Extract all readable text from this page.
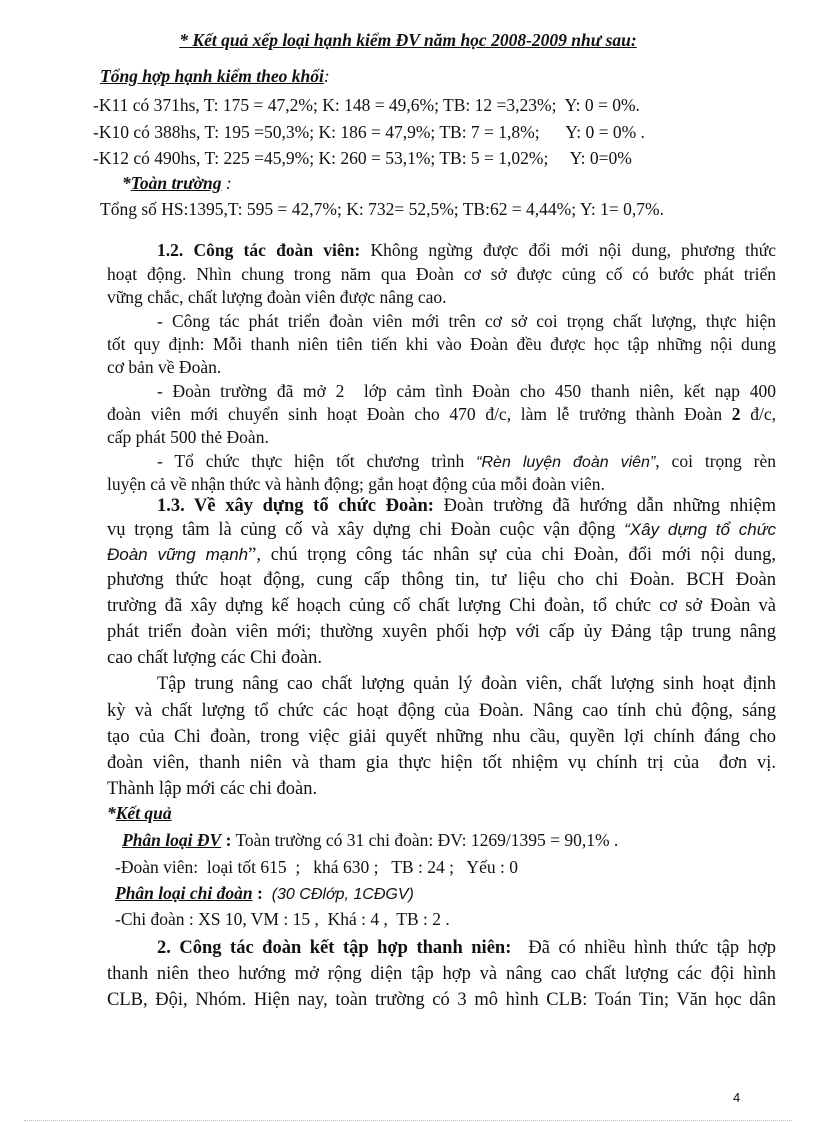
* Kết quả xếp loại hạnh kiểm ĐV năm học 2008-2009 như sau:
Tổng hợp hạnh kiểm theo khối:
-K11 có 371hs, T: 175 = 47,2%; K: 148 = 49,6%; TB: 12 =3,23%;  Y: 0 = 0%.
-K10 có 388hs, T: 195 =50,3%; K: 186 = 47,9%; TB: 7 = 1,8%;      Y: 0 = 0% .
-K12 có 490hs, T: 225 =45,9%; K: 260 = 53,1%; TB: 5 = 1,02%;     Y: 0=0%
*Toàn trường :
Tổng số HS:1395,T: 595 = 42,7%; K: 732= 52,5%; TB:62 = 4,44%; Y: 1= 0,7%.
1.2. Công tác đoàn viên: Không ngừng được đổi mới nội dung, phương thức
hoạt động. Nhìn chung trong năm qua Đoàn cơ sở được củng cố có bước phát triển
vững chắc, chất lượng đoàn viên được nâng cao.
- Công tác phát triển đoàn viên mới trên cơ sở coi trọng chất lượng, thực hiện
tốt quy định: Mỗi thanh niên tiên tiến khi vào Đoàn đều được học tập những nội dung
cơ bản về Đoàn.
- Đoàn trường đã mở 2  lớp cảm tình Đoàn cho 450 thanh niên, kết nạp 400
đoàn viên mới chuyển sinh hoạt Đoàn cho 470 đ/c, làm lễ trưởng thành Đoàn 2 đ/c,
cấp phát 500 thẻ Đoàn.
- Tổ chức thực hiện tốt chương trình “Rèn luyện đoàn viên”, coi trọng rèn
luyện cả về nhận thức và hành động; gắn hoạt động của mỗi đoàn viên.
1.3. Về xây dựng tổ chức Đoàn: Đoàn trường đã hướng dẫn những nhiệm
vụ trọng tâm là củng cố và xây dựng chi Đoàn cuộc vận động “Xây dựng tổ chức
Đoàn vững mạnh”, chú trọng công tác nhân sự của chi Đoàn, đổi mới nội dung,
phương thức hoạt động, cung cấp thông tin, tư liệu cho chi Đoàn. BCH Đoàn
trường đã xây dựng kế hoạch củng cố chất lượng Chi đoàn, tổ chức cơ sở Đoàn và
phát triển đoàn viên mới; thường xuyên phối hợp với cấp ủy Đảng tập trung nâng
cao chất lượng các Chi đoàn.
Tập trung nâng cao chất lượng quản lý đoàn viên, chất lượng sinh hoạt định
kỳ và chất lượng tổ chức các hoạt động của Đoàn. Nâng cao tính chủ động, sáng
tạo của Chi đoàn, trong việc giải quyết những nhu cầu, quyền lợi chính đáng cho
đoàn viên, thanh niên và tham gia thực hiện tốt nhiệm vụ chính trị của  đơn vị.
Thành lập mới các chi đoàn.
*Kết quả
Phân loại ĐV : Toàn trường có 31 chi đoàn: ĐV: 1269/1395 = 90,1% .
-Đoàn viên:  loại tốt 615  ;   khá 630 ;   TB : 24 ;   Yếu : 0
Phân loại chi đoàn :  (30 CĐlớp, 1CĐGV)
-Chi đoàn : XS 10, VM : 15 ,  Khá : 4 ,  TB : 2 .
2. Công tác đoàn kết tập hợp thanh niên:  Đã có nhiều hình thức tập hợp
thanh niên theo hướng mở rộng diện tập hợp và nâng cao chất lượng các đội hình
CLB, Đội, Nhóm. Hiện nay, toàn trường có 3 mô hình CLB: Toán Tin; Văn học dân
4
